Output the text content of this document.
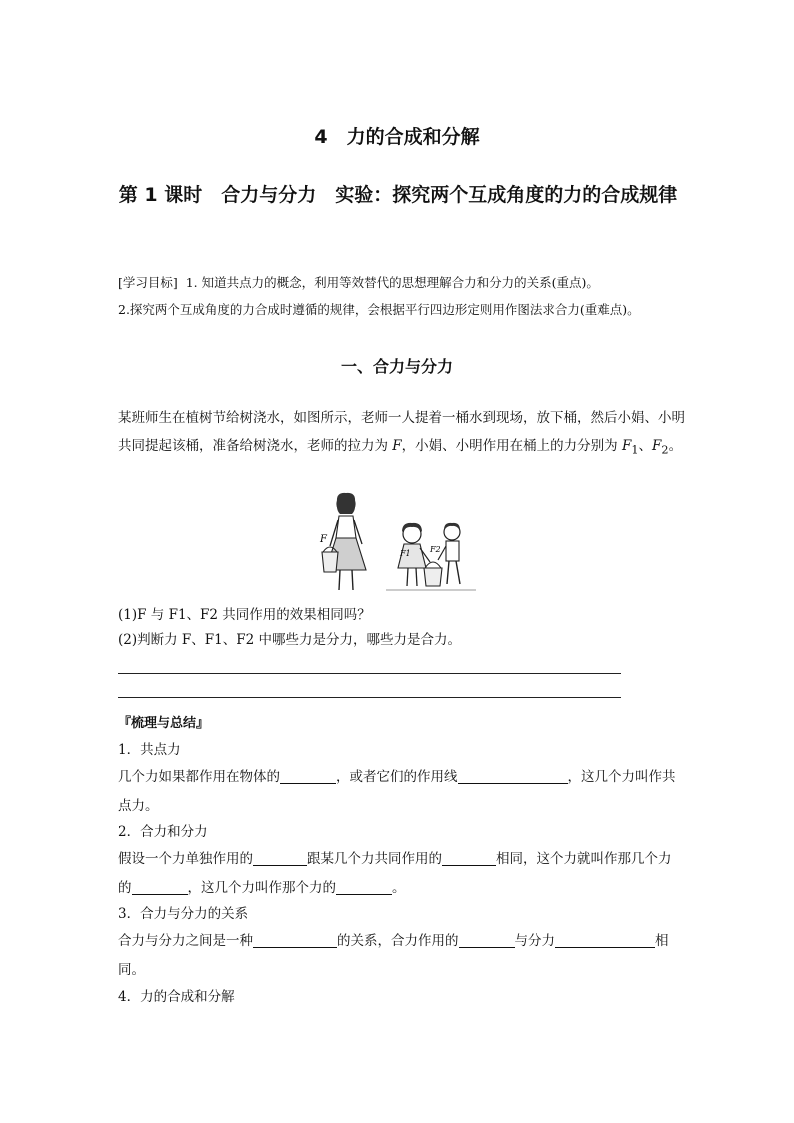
4　力的合成和分解
第 1 课时　合力与分力　实验：探究两个互成角度的力的合成规律
[学习目标] 1. 知道共点力的概念，利用等效替代的思想理解合力和分力的关系(重点)。
2.探究两个互成角度的力合成时遵循的规律，会根据平行四边形定则用作图法求合力(重难点)。
一、合力与分力
某班师生在植树节给树浇水，如图所示，老师一人提着一桶水到现场，放下桶，然后小娟、小明共同提起该桶，准备给树浇水，老师的拉力为 F，小娟、小明作用在桶上的力分别为 $F_1$、$F_2$。
F
F1 F2
(1)F 与 F1、F2 共同作用的效果相同吗？
(2)判断力 F、F1、F2 中哪些力是分力，哪些力是合力。
『梳理与总结』
1．共点力
几个力如果都作用在物体的	，或者它们的作用线	，这几个力叫作共点力。
2．合力和分力
假设一个力单独作用的	跟某几个力共同作用的	相同，这个力就叫作那几个力的	，这几个力叫作那个力的	。
3．合力与分力的关系
合力与分力之间是一种	的关系，合力作用的	与分力	相同。
4．力的合成和分解
